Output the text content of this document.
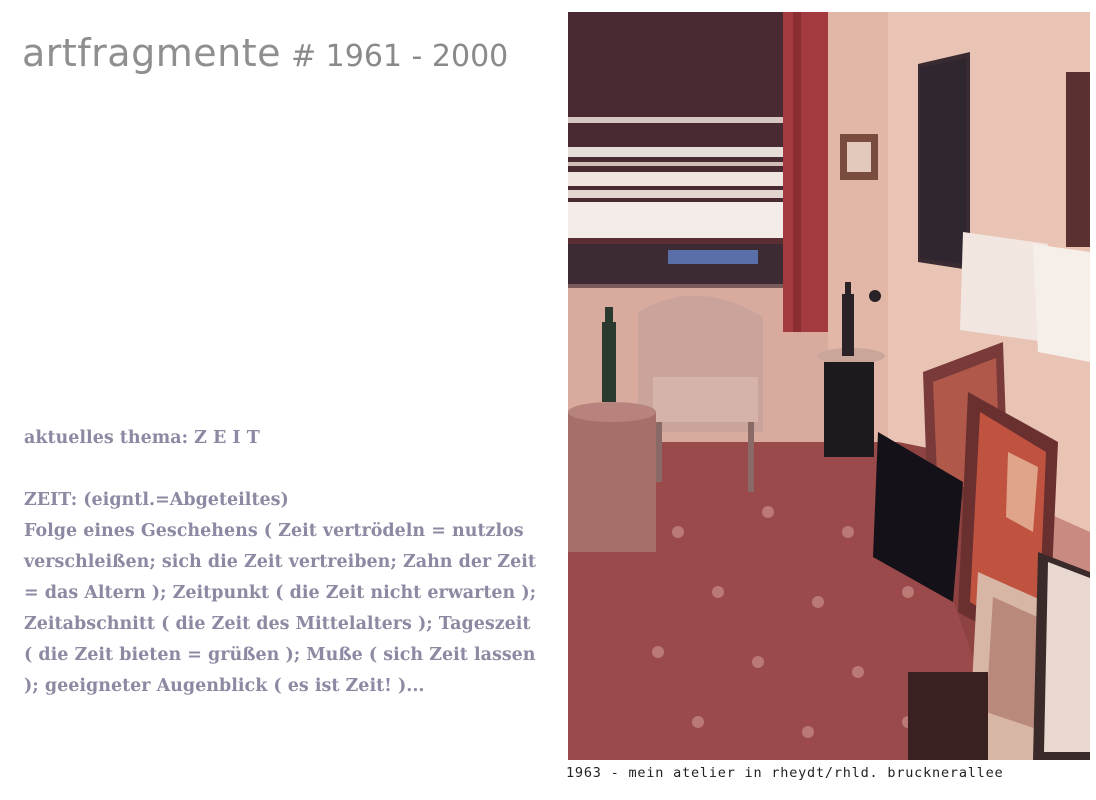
artfragmente # 1961 - 2000

aktuelles thema: Z E I T

ZEIT: (eigntl.=Abgeteiltes)

Folge eines Geschehens ( Zeit vertrödeln = nutzlos verschleißen; sich die Zeit vertreiben; Zahn der Zeit = das Altern ); Zeitpunkt ( die Zeit nicht erwarten ); Zeitabschnitt ( die Zeit des Mittelalters ); Tageszeit ( die Zeit bieten = grüßen ); Muße ( sich Zeit lassen ); geeigneter Augenblick ( es ist Zeit! )...

1963 - mein atelier in rheydt/rhld. brucknerallee
